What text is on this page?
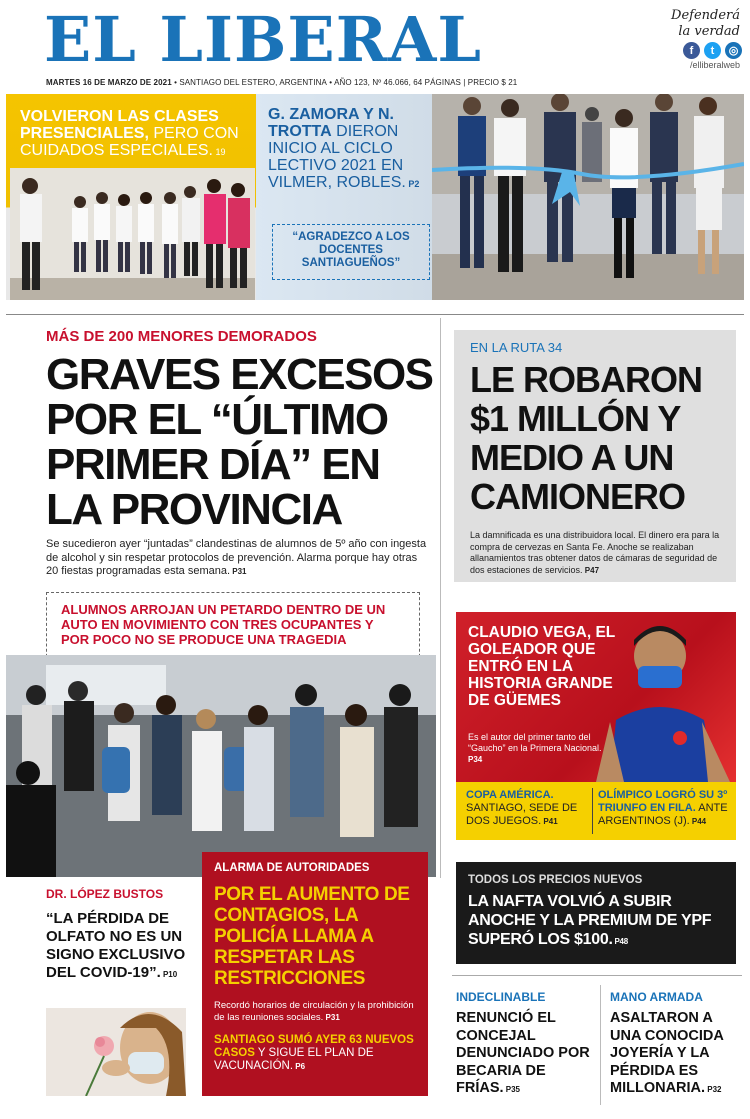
EL LIBERAL	Defenderá
la verdad
f	t	◎
/elliberalweb
MARTES 16 DE MARZO DE 2021 • SANTIAGO DEL ESTERO, ARGENTINA • AÑO 123, Nº 46.066, 64 PÁGINAS | PRECIO $ 21
VOLVIERON LAS CLASES PRESENCIALES, PERO CON CUIDADOS ESPECIALES. 19
G. ZAMORA Y N. TROTTA DIERON INICIO AL CICLO LECTIVO 2021 EN VILMER, ROBLES. P2
“AGRADEZCO A LOS DOCENTES SANTIAGUEÑOS”
MÁS DE 200 MENORES DEMORADOS
GRAVES EXCESOS POR EL “ÚLTIMO PRIMER DÍA” EN LA PROVINCIA
Se sucedieron ayer “juntadas” clandestinas de alumnos de 5º año con ingesta de alcohol y sin respetar protocolos de prevención. Alarma porque hay otras 20 fiestas programadas esta semana. P31
ALUMNOS ARROJAN UN PETARDO DENTRO DE UN AUTO EN MOVIMIENTO CON TRES OCUPANTES Y POR POCO NO SE PRODUCE UNA TRAGEDIA
EN LA RUTA 34
LE ROBARON $1 MILLÓN Y MEDIO A UN CAMIONERO
La damnificada es una distribuidora local. El dinero era para la compra de cervezas en Santa Fe. Anoche se realizaban allanamientos tras obtener datos de cámaras de seguridad de dos estaciones de servicios. P47
CLAUDIO VEGA, EL GOLEADOR QUE ENTRÓ EN LA HISTORIA GRANDE DE GÜEMES
Es el autor del primer tanto del “Gaucho” en la Primera Nacional. P34
COPA AMÉRICA. SANTIAGO, SEDE DE DOS JUEGOS. P41
OLÍMPICO LOGRÓ SU 3º TRIUNFO EN FILA. ANTE ARGENTINOS (J). P44
TODOS LOS PRECIOS NUEVOS
LA NAFTA VOLVIÓ A SUBIR ANOCHE Y LA PREMIUM DE YPF SUPERÓ LOS $100. P48
DR. LÓPEZ BUSTOS
“LA PÉRDIDA DE OLFATO NO ES UN SIGNO EXCLUSIVO DEL COVID-19”. P10
ALARMA DE AUTORIDADES
POR EL AUMENTO DE CONTAGIOS, LA POLICÍA LLAMA A RESPETAR LAS RESTRICCIONES
Recordó horarios de circulación y la prohibición de las reuniones sociales. P31
SANTIAGO SUMÓ AYER 63 NUEVOS CASOS Y SIGUE EL PLAN DE VACUNACIÓN. P6
INDECLINABLE
RENUNCIÓ EL CONCEJAL DENUNCIADO POR BECARIA DE FRÍAS. P35
MANO ARMADA
ASALTARON A UNA CONOCIDA JOYERÍA Y LA PÉRDIDA ES MILLONARIA. P32
